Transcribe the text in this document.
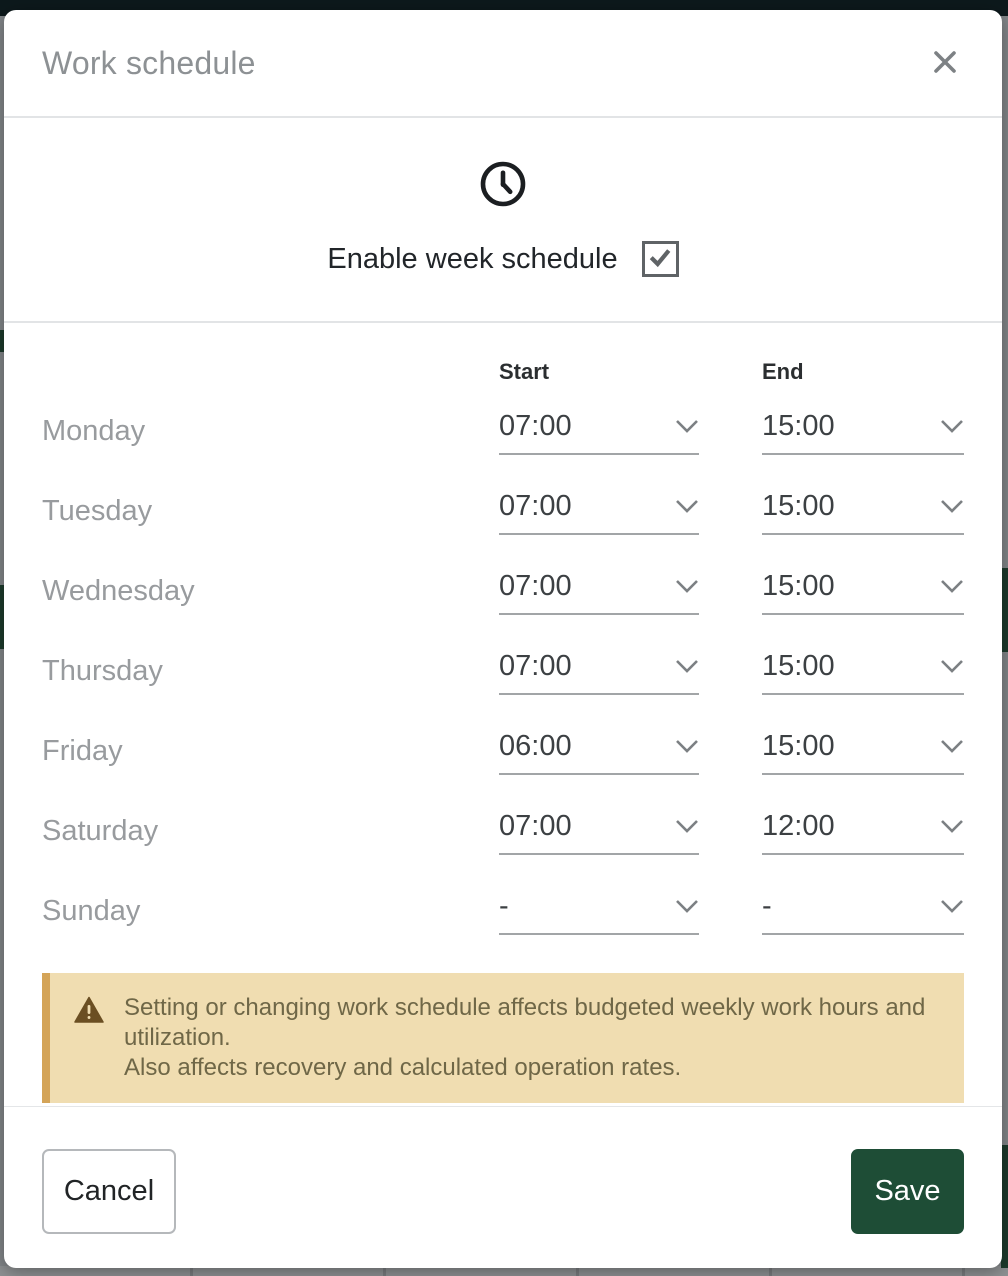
Work schedule
Enable week schedule
Start	End
Monday	07:00	15:00
Tuesday	07:00	15:00
Wednesday	07:00	15:00
Thursday	07:00	15:00
Friday	06:00	15:00
Saturday	07:00	12:00
Sunday	-	-
Setting or changing work schedule affects budgeted weekly work hours and utilization.
Also affects recovery and calculated operation rates.
Cancel	Save
